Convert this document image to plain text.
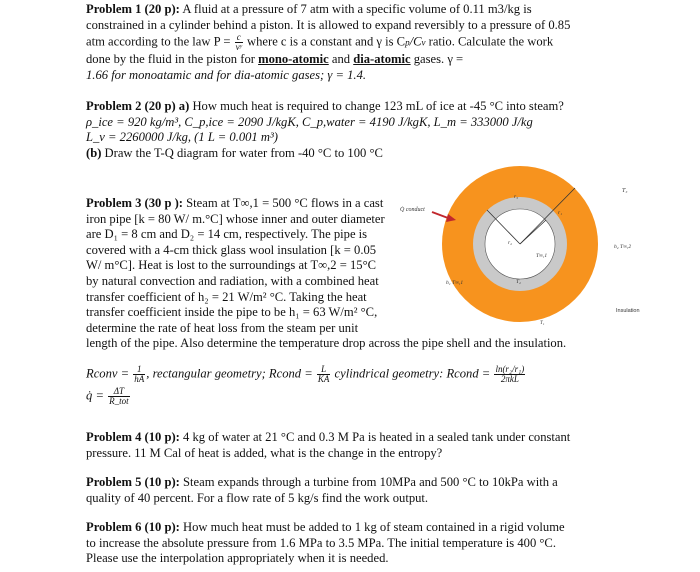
Problem 1 (20 p): A fluid at a pressure of 7 atm with a specific volume of 0.11 m3/kg is
constrained in a cylinder behind a piston. It is allowed to expand reversibly to a pressure of 0.85
atm according to the law $P = \frac{c}{\text{vʸ}}$ where c is a constant and γ is Cp/Cv ratio. Calculate the work
done by the fluid in the piston for mono-atomic and dia-atomic gases. γ =
1.66 for monoatamic and for dia-atomic gases; γ = 1.4.
Problem 2 (20 p) a) How much heat is required to change 123 mL of ice at -45 °C into steam?
ρ_ice = 920 kg/m³, C_p,ice = 2090 J/kgK, C_p,water = 4190 J/kgK, L_m = 333000 J/kg
L_v = 2260000 J/kg, (1 L = 0.001 m³)
(b) Draw the T-Q diagram for water from -40 °C to 100 °C
Problem 3 (30 p ): Steam at T∞,1 = 500 °C flows in a cast
iron pipe [k = 80 W/ m.°C] whose inner and outer diameter
are D₁ = 8 cm and D₂ = 14 cm, respectively. The pipe is
covered with a 4-cm thick glass wool insulation [k = 0.05
W/ m°C]. Heat is lost to the surroundings at T∞,2 = 15°C
by natural convection and radiation, with a combined heat
transfer coefficient of h₂ = 21 W/m² °C. Taking the heat
transfer coefficient inside the pipe to be h₁ = 63 W/m² °C,
determine the rate of heat loss from the steam per unit
length of the pipe. Also determine the temperature drop across the pipe shell and the insulation.
Q̇ conduct
T₃
r₃
r₂
r₁
T∞,1
T₂
h₁ T∞,1
h₂ T∞,2
Insulation
T₁
Rconv = $\frac{1}{hA}$ , rectangular geometry; Rcond = $\frac{L}{KA}$ cylindrical geometry: Rcond = $\frac{\text{ln(r₂/r₁)}}{\text{2πkL}}$
q̇ = $\frac{\Delta T}{\text{R\_tot}}$
Problem 4 (10 p): 4 kg of water at 21 °C and 0.3 M Pa is heated in a sealed tank under constant
pressure. 11 M Cal of heat is added, what is the change in the entropy?
Problem 5 (10 p): Steam expands through a turbine from 10MPa and 500 °C to 10kPa with a
quality of 40 percent. For a flow rate of 5 kg/s find the work output.
Problem 6 (10 p): How much heat must be added to 1 kg of steam contained in a rigid volume
to increase the absolute pressure from 1.6 MPa to 3.5 MPa. The initial temperature is 400 °C.
Please use the interpolation appropriately when it is needed.
